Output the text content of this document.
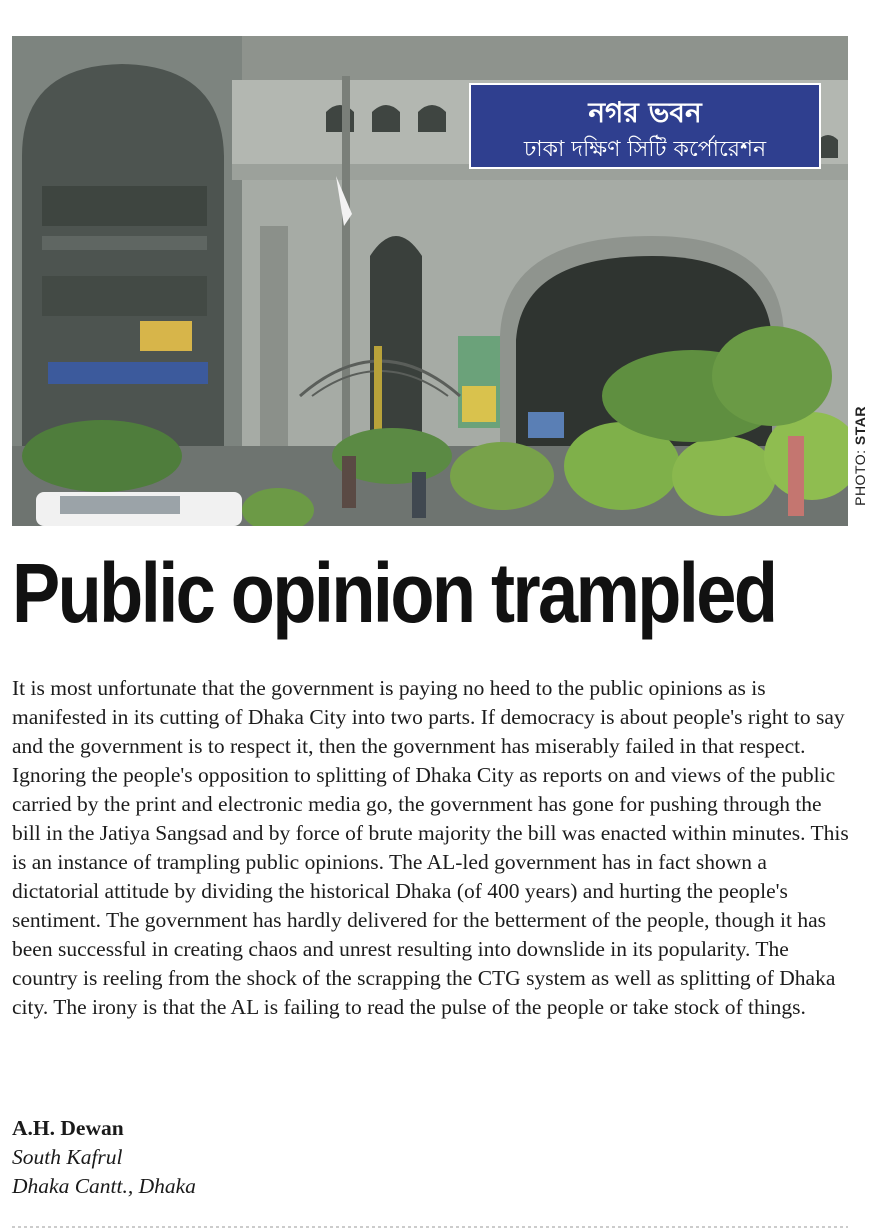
নগর ভবন
ঢাকা দক্ষিণ সিটি কর্পোরেশন
PHOTO: STAR
Public opinion trampled

It is most unfortunate that the government is paying no heed to the public opinions as is manifested in its cutting of Dhaka City into two parts. If democracy is about people's right to say and the government is to respect it, then the government has miserably failed in that respect. Ignoring the people's opposition to splitting of Dhaka City as reports on and views of the public carried by the print and electronic media go, the government has gone for pushing through the bill in the Jatiya Sangsad and by force of brute majority the bill was enacted within minutes. This is an instance of trampling public opinions. The AL-led government has in fact shown a dictatorial attitude by dividing the historical Dhaka (of 400 years) and hurting the people's sentiment. The government has hardly delivered for the betterment of the people, though it has been successful in creating chaos and unrest resulting into downslide in its popularity. The country is reeling from the shock of the scrapping the CTG system as well as splitting of Dhaka city. The irony is that the AL is failing to read the pulse of the people or take stock of things.

A.H. Dewan
South Kafrul
Dhaka Cantt., Dhaka
